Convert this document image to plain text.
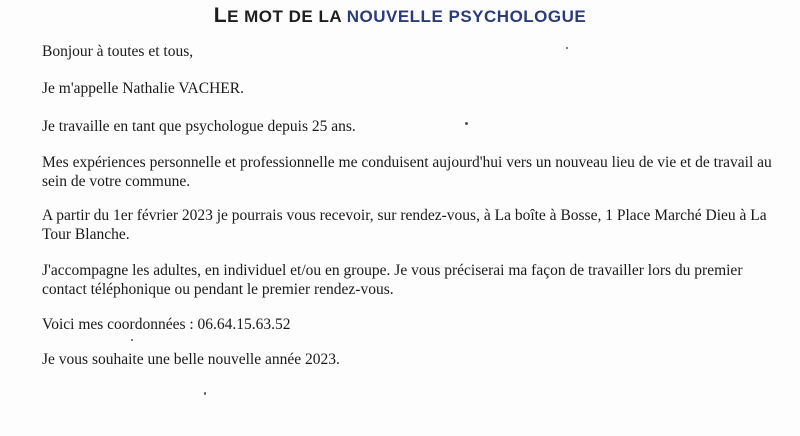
LE MOT DE LA NOUVELLE PSYCHOLOGUE

Bonjour à toutes et tous,

Je m'appelle Nathalie VACHER.

Je travaille en tant que psychologue depuis 25 ans.

Mes expériences personnelle et professionnelle me conduisent aujourd'hui vers un nouveau lieu de vie et de travail au sein de votre commune.

A partir du 1er février 2023 je pourrais vous recevoir, sur rendez-vous, à La boîte à Bosse, 1 Place Marché Dieu à La Tour Blanche.

J'accompagne les adultes, en individuel et/ou en groupe. Je vous préciserai ma façon de travailler lors du premier contact téléphonique ou pendant le premier rendez-vous.

Voici mes coordonnées : 06.64.15.63.52

Je vous souhaite une belle nouvelle année 2023.
